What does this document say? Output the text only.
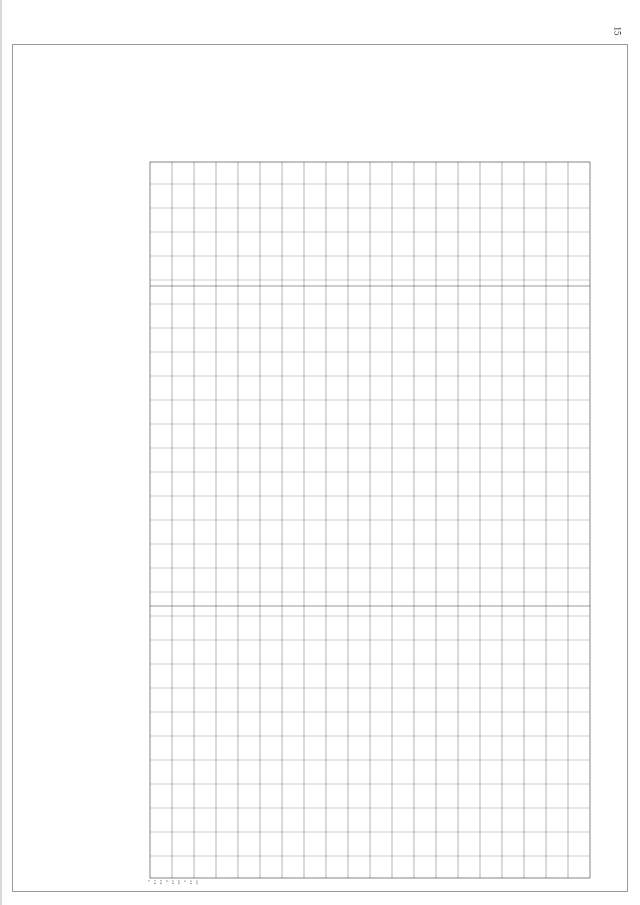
15
1.1 1.2 2 2.1 2.2 3 3.1 3.2
1
